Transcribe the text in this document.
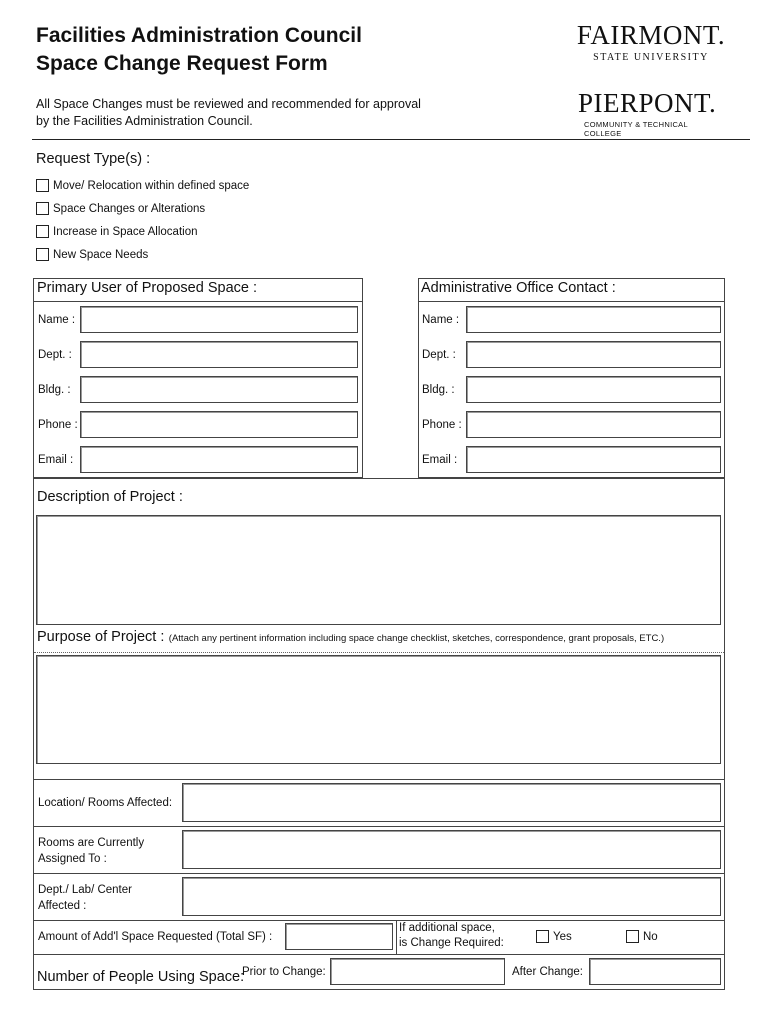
Facilities Administration Council
Space Change Request Form
All Space Changes must be reviewed and recommended for approval
by the Facilities Administration Council.
FAIRMONT.
STATE UNIVERSITY
PIERPONT.
COMMUNITY & TECHNICAL COLLEGE
Request Type(s) :
Move/ Relocation within defined space
Space Changes or Alterations
Increase in Space Allocation
New Space Needs
Primary User of Proposed Space :
Name :
Dept. :
Bldg. :
Phone :
Email :
Administrative Office Contact :
Name :
Dept. :
Bldg. :
Phone :
Email :
Description of Project :
Purpose of Project : (Attach any pertinent information including space change checklist, sketches, correspondence, grant proposals, ETC.)
Location/ Rooms Affected:
Rooms are Currently
Assigned To :
Dept./ Lab/ Center
Affected :
Amount of Add'l Space Requested (Total SF) :
If additional space,
is Change Required:
Yes	No
Number of People Using Space:
Prior to Change:	After Change:
